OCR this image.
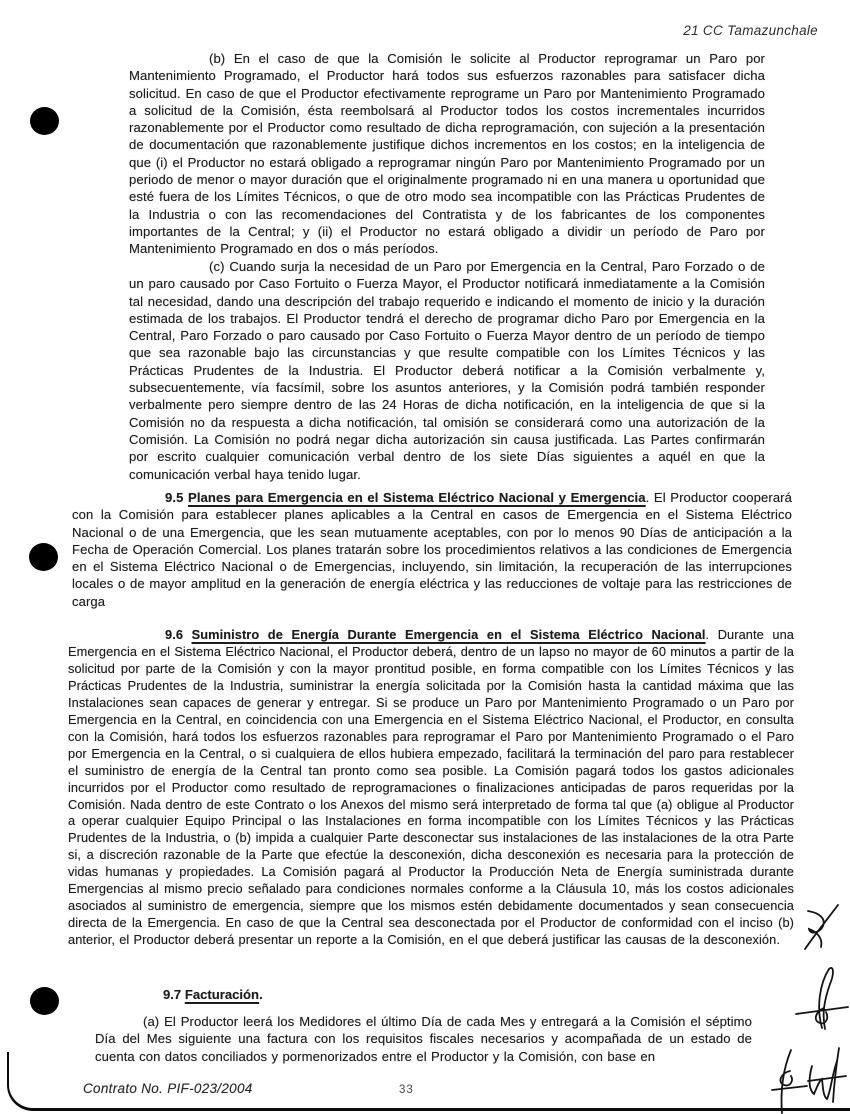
21 CC Tamazunchale

(b) En el caso de que la Comisión le solicite al Productor reprogramar un Paro por Mantenimiento Programado, el Productor hará todos sus esfuerzos razonables para satisfacer dicha solicitud. En caso de que el Productor efectivamente reprograme un Paro por Mantenimiento Programado a solicitud de la Comisión, ésta reembolsará al Productor todos los costos incrementales incurridos razonablemente por el Productor como resultado de dicha reprogramación, con sujeción a la presentación de documentación que razonablemente justifique dichos incrementos en los costos; en la inteligencia de que (i) el Productor no estará obligado a reprogramar ningún Paro por Mantenimiento Programado por un periodo de menor o mayor duración que el originalmente programado ni en una manera u oportunidad que esté fuera de los Límites Técnicos, o que de otro modo sea incompatible con las Prácticas Prudentes de la Industria o con las recomendaciones del Contratista y de los fabricantes de los componentes importantes de la Central; y (ii) el Productor no estará obligado a dividir un período de Paro por Mantenimiento Programado en dos o más períodos.

(c) Cuando surja la necesidad de un Paro por Emergencia en la Central, Paro Forzado o de un paro causado por Caso Fortuito o Fuerza Mayor, el Productor notificará inmediatamente a la Comisión tal necesidad, dando una descripción del trabajo requerido e indicando el momento de inicio y la duración estimada de los trabajos. El Productor tendrá el derecho de programar dicho Paro por Emergencia en la Central, Paro Forzado o paro causado por Caso Fortuito o Fuerza Mayor dentro de un período de tiempo que sea razonable bajo las circunstancias y que resulte compatible con los Límites Técnicos y las Prácticas Prudentes de la Industria. El Productor deberá notificar a la Comisión verbalmente y, subsecuentemente, vía facsímil, sobre los asuntos anteriores, y la Comisión podrá también responder verbalmente pero siempre dentro de las 24 Horas de dicha notificación, en la inteligencia de que si la Comisión no da respuesta a dicha notificación, tal omisión se considerará como una autorización de la Comisión. La Comisión no podrá negar dicha autorización sin causa justificada. Las Partes confirmarán por escrito cualquier comunicación verbal dentro de los siete Días siguientes a aquél en que la comunicación verbal haya tenido lugar.

9.5 Planes para Emergencia en el Sistema Eléctrico Nacional y Emergencia. El Productor cooperará con la Comisión para establecer planes aplicables a la Central en casos de Emergencia en el Sistema Eléctrico Nacional o de una Emergencia, que les sean mutuamente aceptables, con por lo menos 90 Días de anticipación a la Fecha de Operación Comercial. Los planes tratarán sobre los procedimientos relativos a las condiciones de Emergencia en el Sistema Eléctrico Nacional o de Emergencias, incluyendo, sin limitación, la recuperación de las interrupciones locales o de mayor amplitud en la generación de energía eléctrica y las reducciones de voltaje para las restricciones de carga

9.6 Suministro de Energía Durante Emergencia en el Sistema Eléctrico Nacional. Durante una Emergencia en el Sistema Eléctrico Nacional, el Productor deberá, dentro de un lapso no mayor de 60 minutos a partir de la solicitud por parte de la Comisión y con la mayor prontitud posible, en forma compatible con los Límites Técnicos y las Prácticas Prudentes de la Industria, suministrar la energía solicitada por la Comisión hasta la cantidad máxima que las Instalaciones sean capaces de generar y entregar. Si se produce un Paro por Mantenimiento Programado o un Paro por Emergencia en la Central, en coincidencia con una Emergencia en el Sistema Eléctrico Nacional, el Productor, en consulta con la Comisión, hará todos los esfuerzos razonables para reprogramar el Paro por Mantenimiento Programado o el Paro por Emergencia en la Central, o si cualquiera de ellos hubiera empezado, facilitará la terminación del paro para restablecer el suministro de energía de la Central tan pronto como sea posible. La Comisión pagará todos los gastos adicionales incurridos por el Productor como resultado de reprogramaciones o finalizaciones anticipadas de paros requeridas por la Comisión. Nada dentro de este Contrato o los Anexos del mismo será interpretado de forma tal que (a) obligue al Productor a operar cualquier Equipo Principal o las Instalaciones en forma incompatible con los Límites Técnicos y las Prácticas Prudentes de la Industria, o (b) impida a cualquier Parte desconectar sus instalaciones de las instalaciones de la otra Parte si, a discreción razonable de la Parte que efectúe la desconexión, dicha desconexión es necesaria para la protección de vidas humanas y propiedades. La Comisión pagará al Productor la Producción Neta de Energía suministrada durante Emergencias al mismo precio señalado para condiciones normales conforme a la Cláusula 10, más los costos adicionales asociados al suministro de emergencia, siempre que los mismos estén debidamente documentados y sean consecuencia directa de la Emergencia. En caso de que la Central sea desconectada por el Productor de conformidad con el inciso (b) anterior, el Productor deberá presentar un reporte a la Comisión, en el que deberá justificar las causas de la desconexión.

9.7 Facturación.

(a) El Productor leerá los Medidores el último Día de cada Mes y entregará a la Comisión el séptimo Día del Mes siguiente una factura con los requisitos fiscales necesarios y acompañada de un estado de cuenta con datos conciliados y pormenorizados entre el Productor y la Comisión, con base en

Contrato No. PIF-023/2004	33
